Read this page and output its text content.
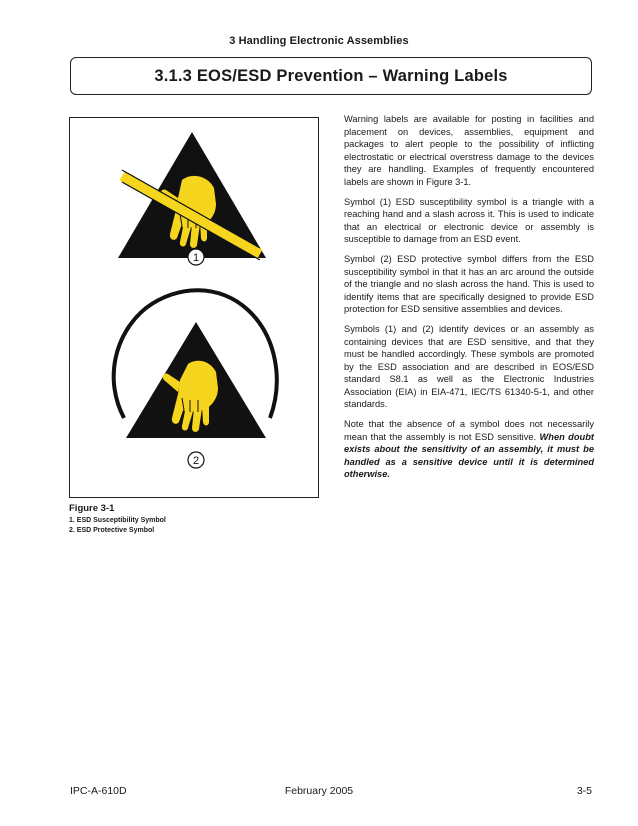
3 Handling Electronic Assemblies
3.1.3 EOS/ESD Prevention – Warning Labels
1
2
Figure 3-1
1. ESD Susceptibility Symbol
2. ESD Protective Symbol

Warning labels are available for posting in facilities and placement on devices, assemblies, equipment and packages to alert people to the possibility of inflicting electrostatic or electrical overstress damage to the devices they are handling. Examples of frequently encountered labels are shown in Figure 3-1.

Symbol (1) ESD susceptibility symbol is a triangle with a reaching hand and a slash across it. This is used to indicate that an electrical or electronic device or assembly is susceptible to damage from an ESD event.

Symbol (2) ESD protective symbol differs from the ESD susceptibility symbol in that it has an arc around the outside of the triangle and no slash across the hand. This is used to identify items that are specifically designed to provide ESD protection for ESD sensitive assemblies and devices.

Symbols (1) and (2) identify devices or an assembly as containing devices that are ESD sensitive, and that they must be handled accordingly. These symbols are promoted by the ESD association and are described in EOS/ESD standard S8.1 as well as the Electronic Industries Association (EIA) in EIA-471, IEC/TS 61340-5-1, and other standards.

Note that the absence of a symbol does not necessarily mean that the assembly is not ESD sensitive. When doubt exists about the sensitivity of an assembly, it must be handled as a sensitive device until it is determined otherwise.

IPC-A-610D	February 2005	3-5
